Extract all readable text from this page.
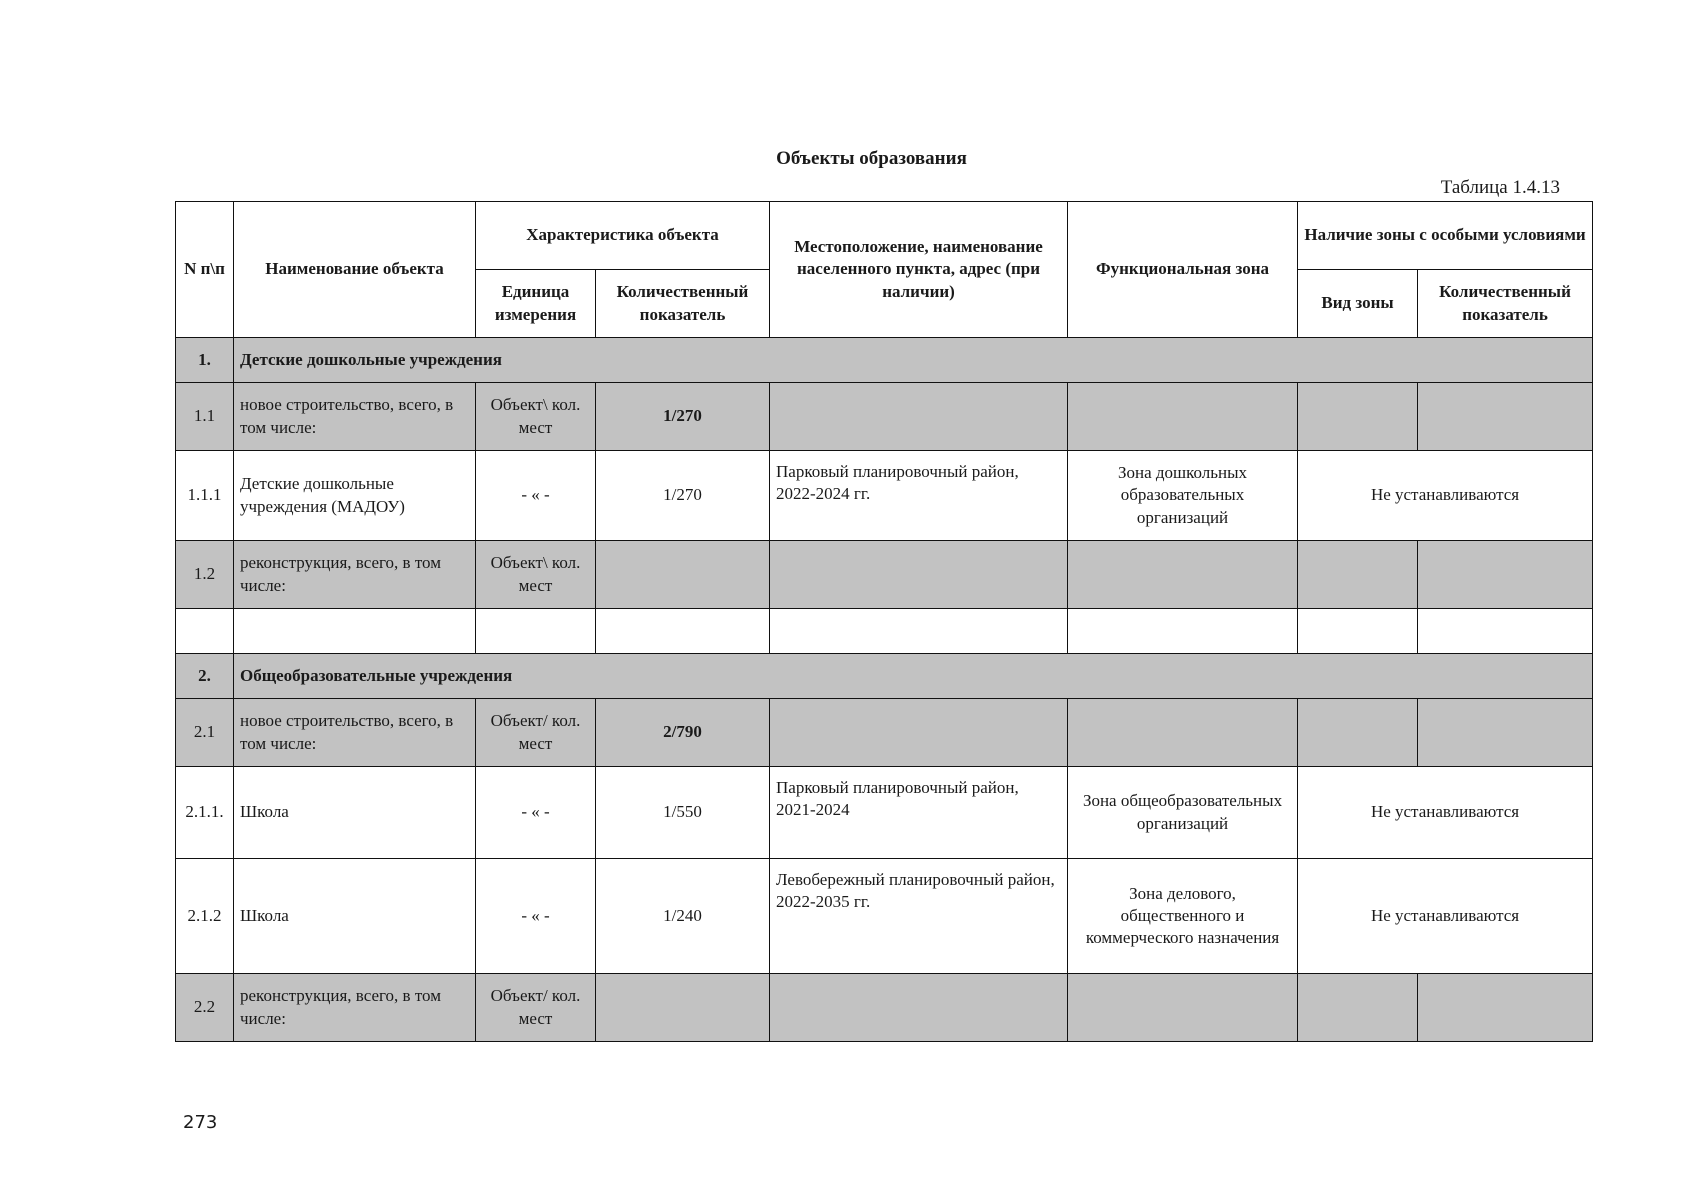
Объекты образования
Таблица 1.4.13
N п\п	Наименование объекта	Характеристика объекта		Местоположение, наименование населенного пункта, адрес (при наличии)	Функциональная зона	Наличие зоны с особыми условиями	
		Единица измерения	Количественный показатель			Вид зоны	Количественный показатель
1.	Детские дошкольные учреждения						
1.1	новое строительство, всего, в том числе:	Объект\ кол. мест	1/270				
1.1.1	Детские дошкольные учреждения (МАДОУ)	- « -	1/270	Парковый планировочный район, 2022-2024 гг.	Зона дошкольных образовательных организаций	Не устанавливаются	
1.2	реконструкция, всего, в том числе:	Объект\ кол. мест					

2.	Общеобразовательные учреждения						
2.1	новое строительство, всего, в том числе:	Объект/ кол. мест	2/790				
2.1.1.	Школа	- « -	1/550	Парковый планировочный район, 2021-2024	Зона общеобразовательных организаций	Не устанавливаются	
2.1.2	Школа	- « -	1/240	Левобережный планировочный район, 2022-2035 гг.	Зона делового, общественного и коммерческого назначения	Не устанавливаются	
2.2	реконструкция, всего, в том числе:	Объект/ кол. мест					
273
